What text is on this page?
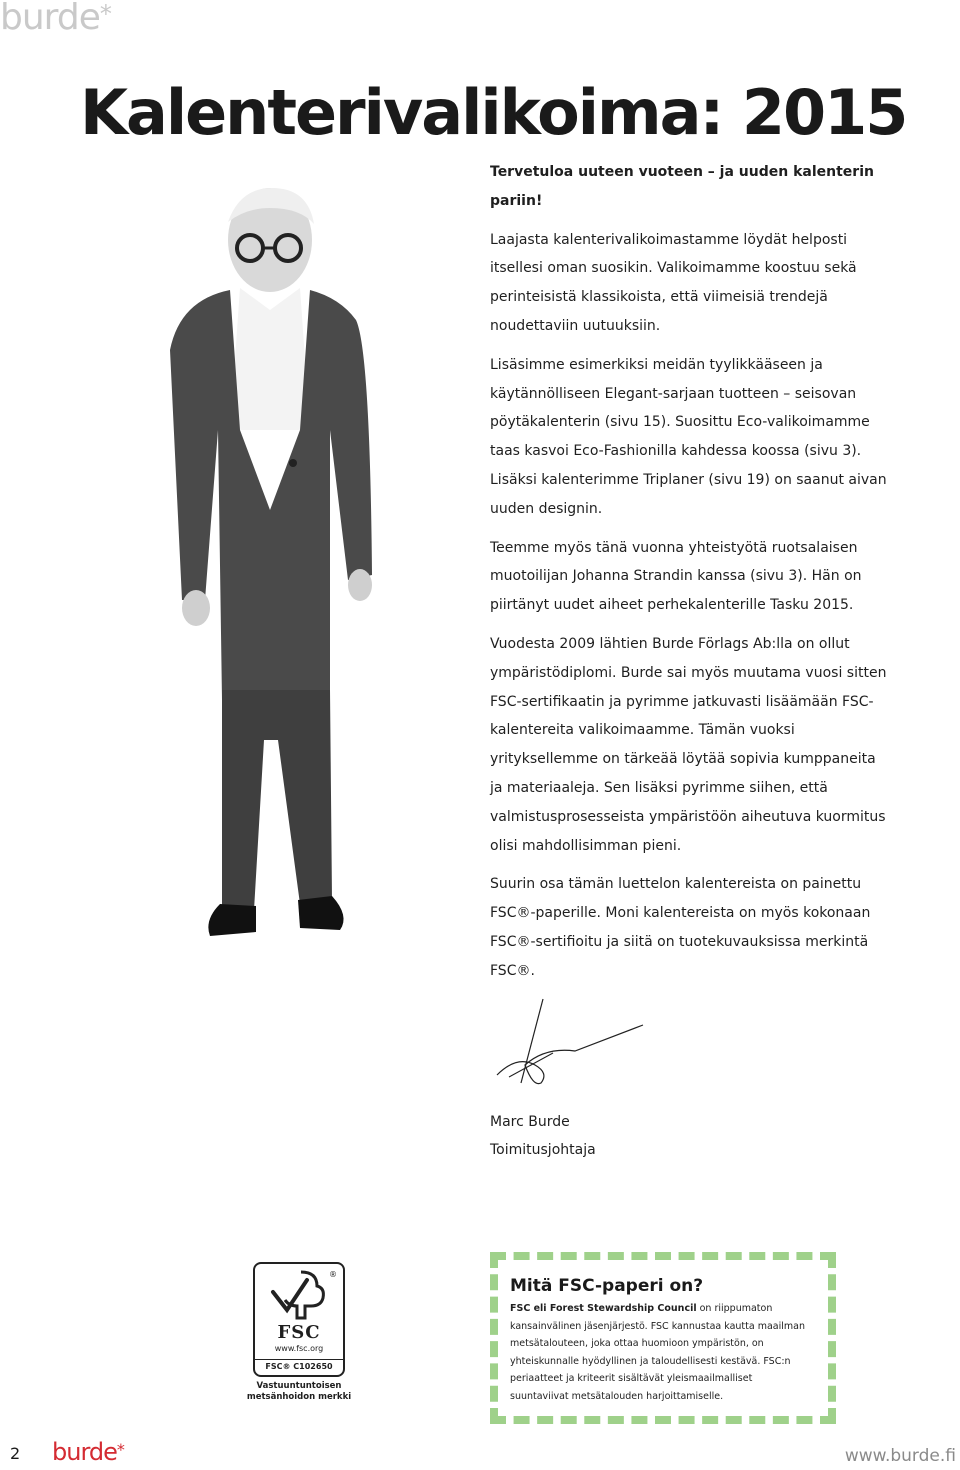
burde*
Kalenterivalikoima: 2015

Tervetuloa uuteen vuoteen – ja uuden kalenterin pariin!

Laajasta kalenterivalikoimastamme löydät helposti itsellesi oman suosikin. Valikoimamme koostuu sekä perinteisistä klassikoista, että viimeisiä trendejä noudettaviin uutuuksiin.

Lisäsimme esimerkiksi meidän tyylikkääseen ja käytännölliseen Elegant-sarjaan tuotteen – seisovan pöytäkalenterin (sivu 15). Suosittu Eco-valikoimamme taas kasvoi Eco-Fashionilla kahdessa koossa (sivu 3). Lisäksi kalenterimme Triplaner (sivu 19) on saanut aivan uuden designin.

Teemme myös tänä vuonna yhteistyötä ruotsalaisen muotoilijan Johanna Strandin kanssa (sivu 3). Hän on piirtänyt uudet aiheet perhekalenterille Tasku 2015.

Vuodesta 2009 lähtien Burde Förlags Ab:lla on ollut ympäristödiplomi. Burde sai myös muutama vuosi sitten FSC-sertifikaatin ja pyrimme jatkuvasti lisäämään FSC-kalentereita valikoimaamme. Tämän vuoksi yrityksellemme on tärkeää löytää sopivia kumppaneita ja materiaaleja. Sen lisäksi pyrimme siihen, että valmistusprosesseista ympäristöön aiheutuva kuormitus olisi mahdollisimman pieni.

Suurin osa tämän luettelon kalentereista on painettu FSC®-paperille. Moni kalentereista on myös kokonaan FSC®-sertifioitu ja siitä on tuotekuvauksissa merkintä FSC®.

Marc Burde
Toimitusjohtaja
®
FSC
www.fsc.org
FSC® C102650
Vastuuntuntoisen metsänhoidon merkki
Mitä FSC-paperi on?
FSC eli Forest Stewardship Council on riippumaton kansainvälinen jäsenjärjestö. FSC kannustaa kautta maailman metsätalouteen, joka ottaa huomioon ympäristön, on yhteiskunnalle hyödyllinen ja taloudellisesti kestävä. FSC:n periaatteet ja kriteerit sisältävät yleismaailmalliset suuntaviivat metsätalouden harjoittamiselle.
2 burde*	www.burde.fi
